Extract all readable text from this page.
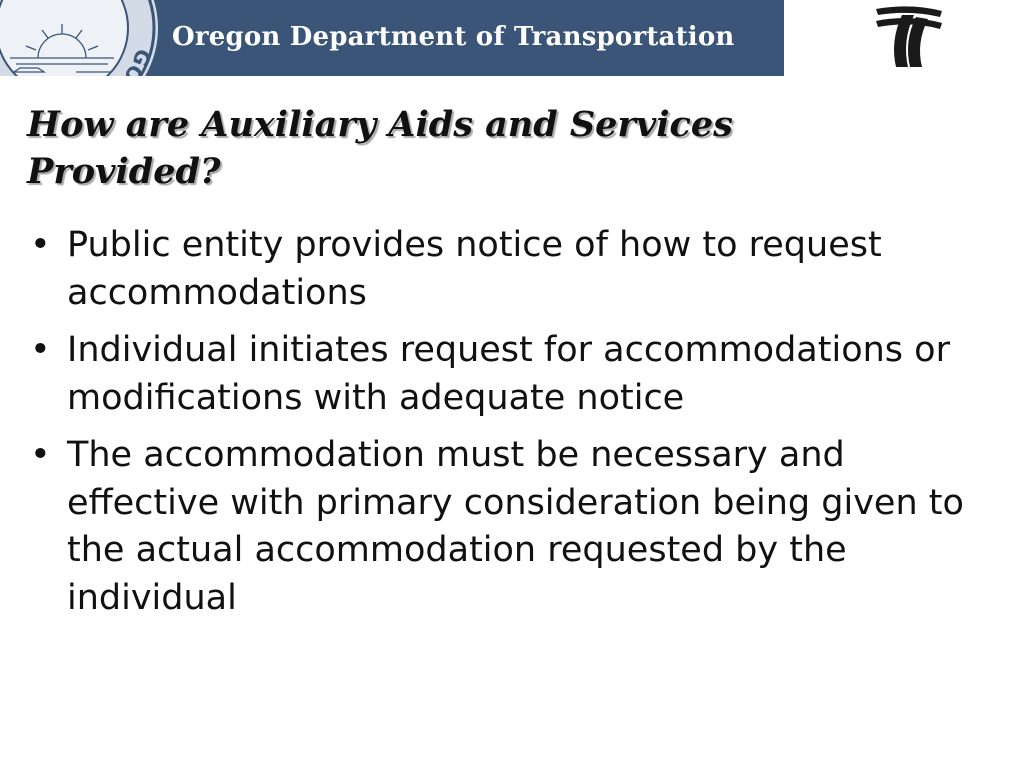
GON
Oregon Department of Transportation
How are Auxiliary Aids and Services Provided?
• Public entity provides notice of how to request accommodations
• Individual initiates request for accommodations or modifications with adequate notice
• The accommodation must be necessary and effective with primary consideration being given to the actual accommodation requested by the individual
